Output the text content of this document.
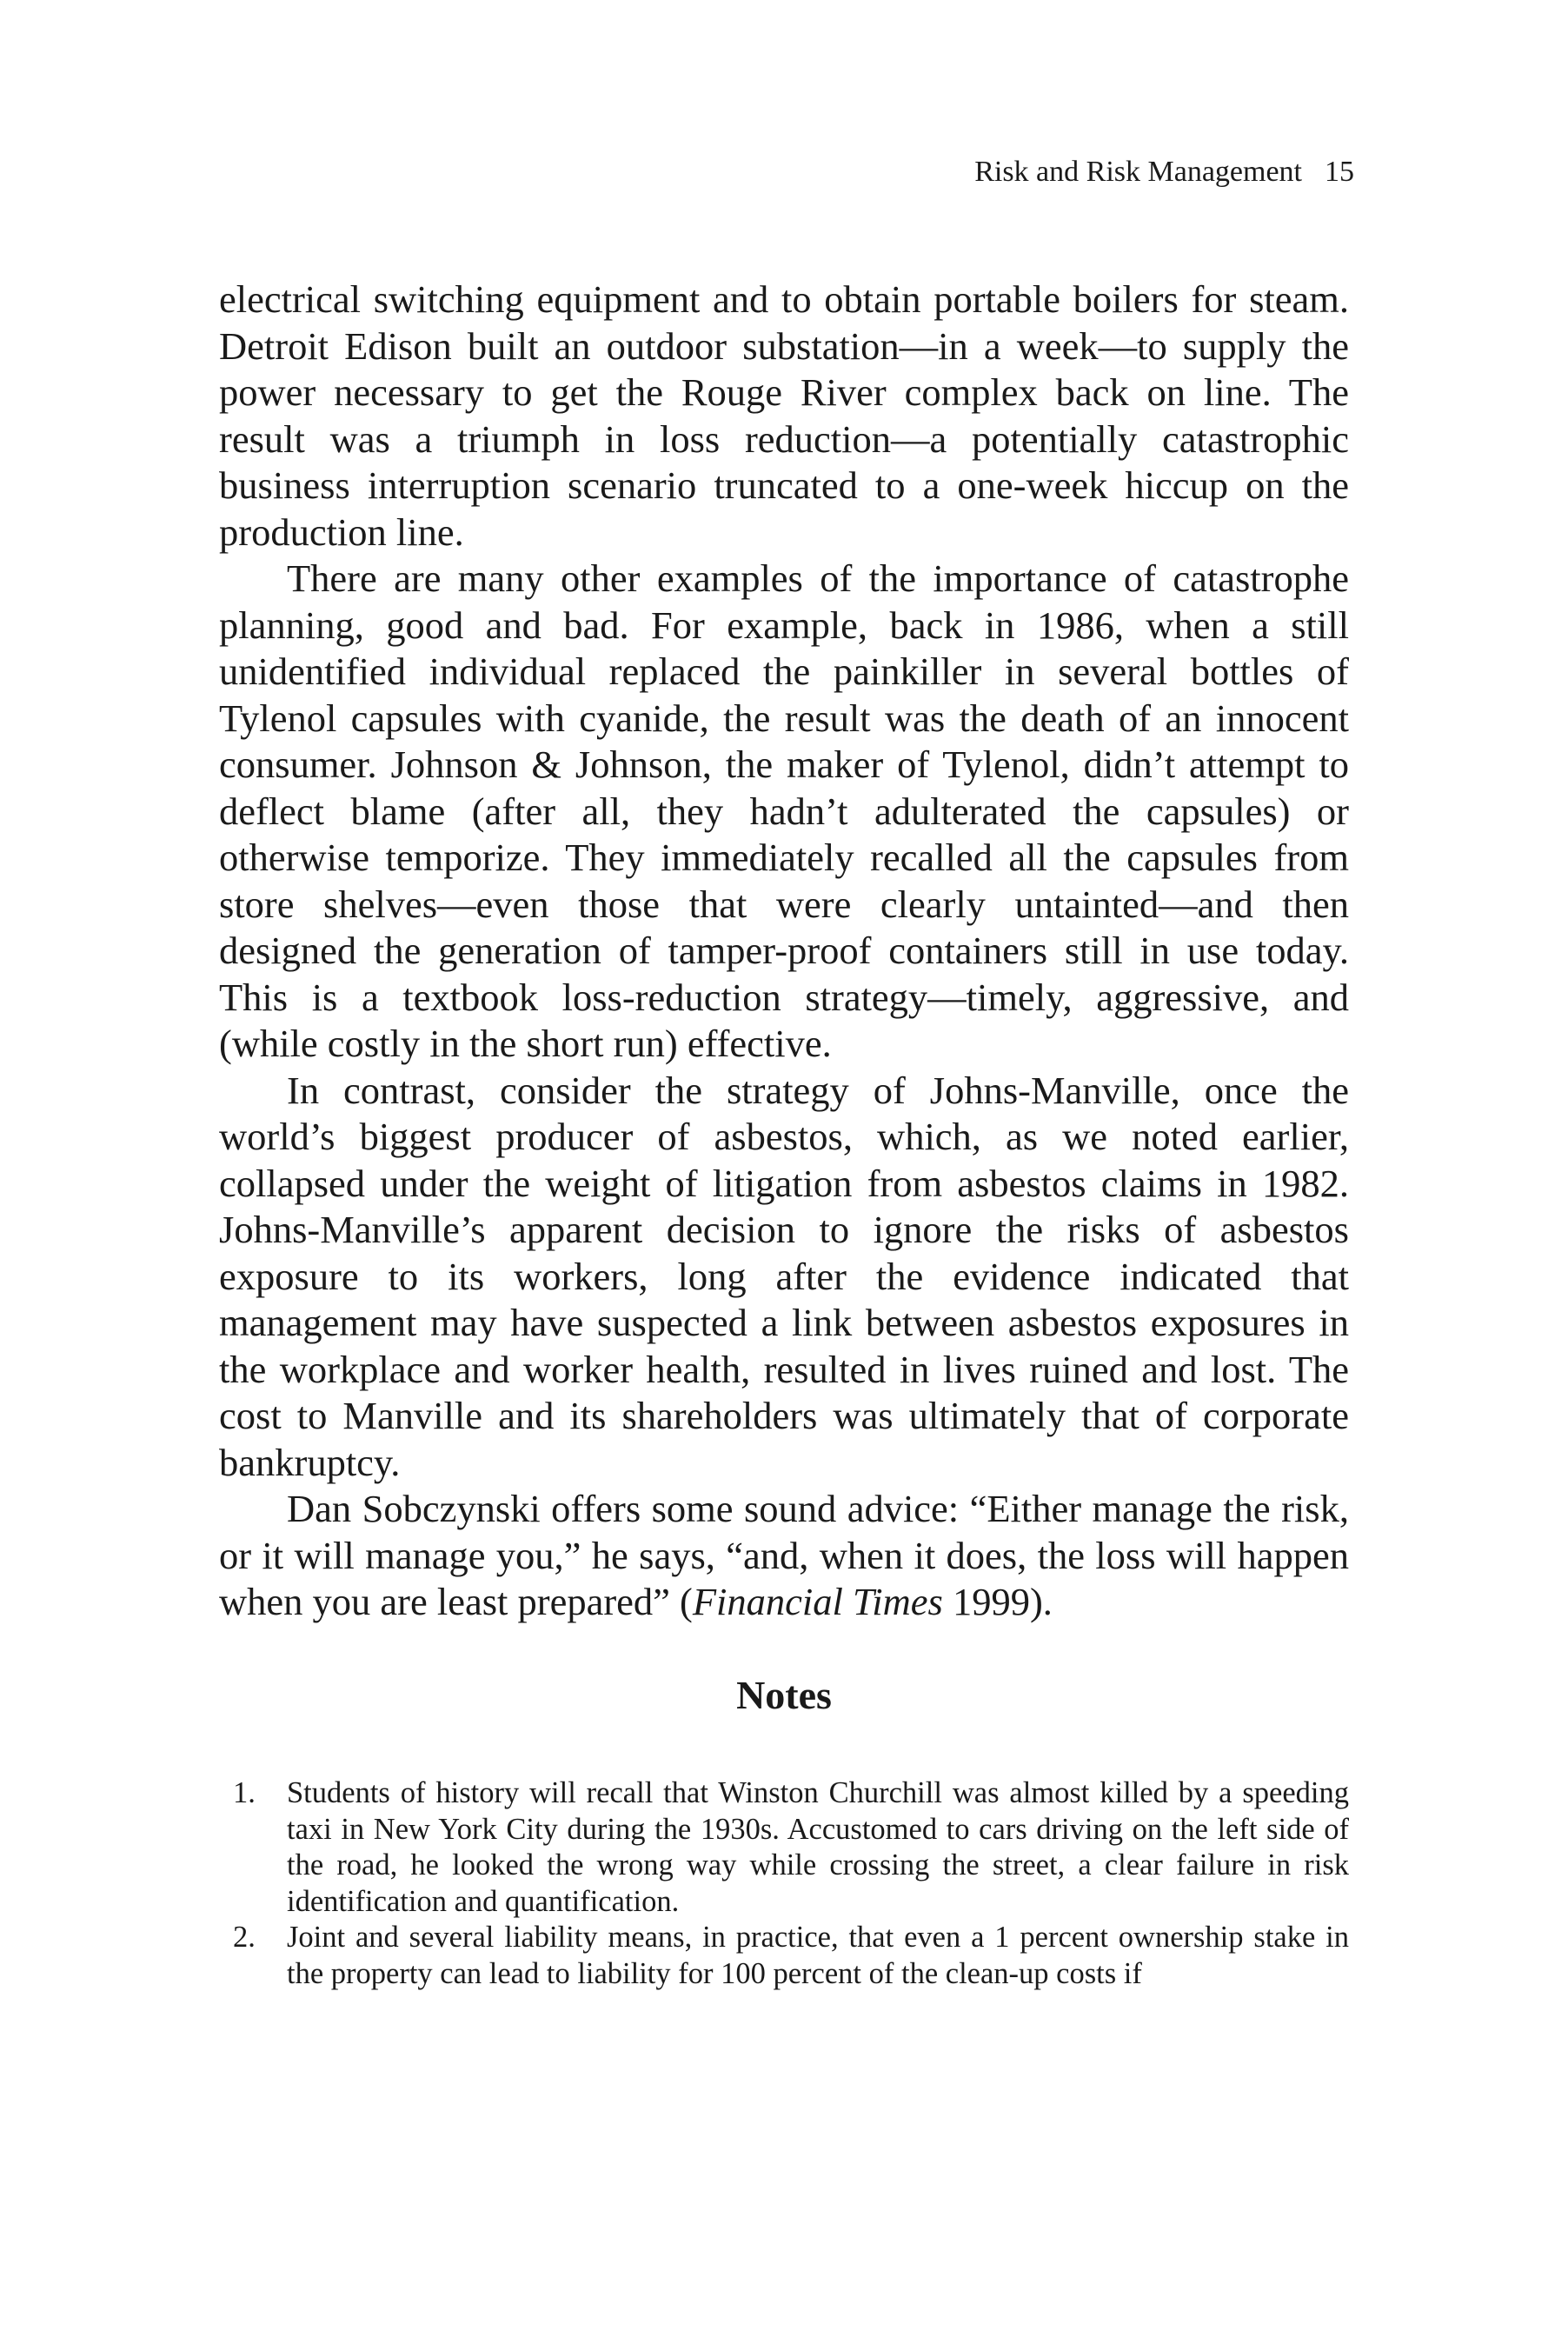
Risk and Risk Management 15

electrical switching equipment and to obtain portable boilers for steam. Detroit Edison built an outdoor substation—in a week—to supply the power necessary to get the Rouge River complex back on line. The result was a triumph in loss reduction—a potentially catastrophic business interruption scenario truncated to a one-week hiccup on the production line.

There are many other examples of the importance of catastrophe planning, good and bad. For example, back in 1986, when a still unidentified individual replaced the painkiller in several bottles of Tylenol capsules with cyanide, the result was the death of an innocent consumer. Johnson & Johnson, the maker of Tylenol, didn’t attempt to deflect blame (after all, they hadn’t adulterated the capsules) or otherwise temporize. They immediately recalled all the capsules from store shelves—even those that were clearly untainted—and then designed the generation of tamper-proof containers still in use today. This is a textbook loss-reduction strategy—timely, aggressive, and (while costly in the short run) effective.

In contrast, consider the strategy of Johns-Manville, once the world’s biggest producer of asbestos, which, as we noted earlier, collapsed under the weight of litigation from asbestos claims in 1982. Johns-Manville’s apparent decision to ignore the risks of asbestos exposure to its workers, long after the evidence indicated that management may have suspected a link between asbestos exposures in the workplace and worker health, resulted in lives ruined and lost. The cost to Manville and its shareholders was ultimately that of corporate bankruptcy.

Dan Sobczynski offers some sound advice: “Either manage the risk, or it will manage you,” he says, “and, when it does, the loss will happen when you are least prepared” (Financial Times 1999).

Notes
1. Students of history will recall that Winston Churchill was almost killed by a speeding taxi in New York City during the 1930s. Accustomed to cars driving on the left side of the road, he looked the wrong way while crossing the street, a clear failure in risk identification and quantification.
2. Joint and several liability means, in practice, that even a 1 percent ownership stake in the property can lead to liability for 100 percent of the clean-up costs if
